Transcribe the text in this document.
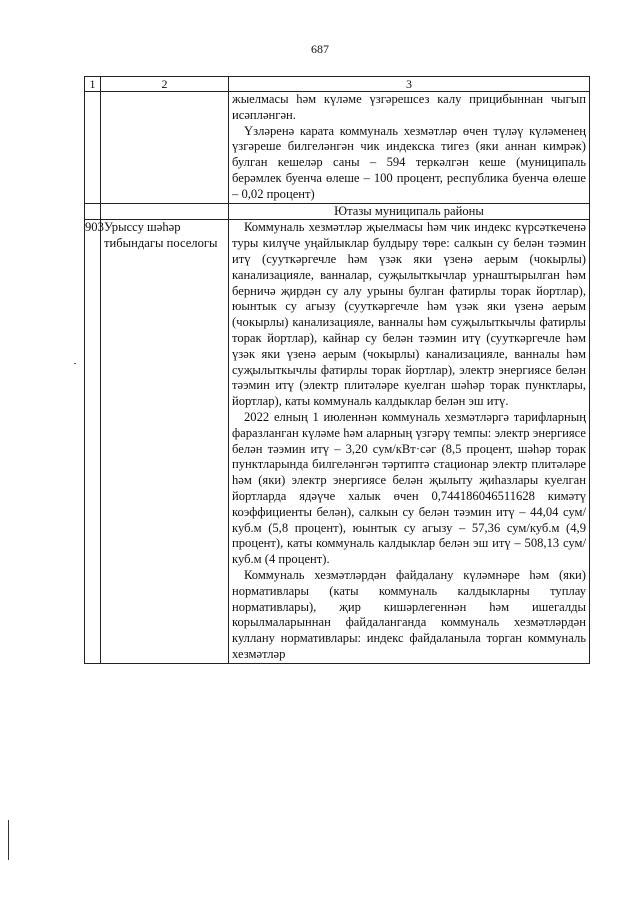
687
1	2	3

		жыелмасы һәм күләме үзгәрешсез калу прицибыннан чыгып исәпләнгән.

Үзләренә карата коммуналь хезмәтләр өчен түләү күләменең үзгәреше билгеләнгән чик индекска тигез (яки аннан кимрәк) булган кешеләр саны – 594 теркәлгән кеше (муниципаль берәмлек буенча өлеше – 100 процент, республика буенча өлеше – 0,02 процент)

		Ютазы муниципаль районы
903	Урыссу шәһәр тибындагы поселогы	Коммуналь хезмәтләр җыелмасы һәм чик индекс күрсәткеченә туры килүче уңайлыклар булдыру төре: салкын су белән тәэмин итү (сууткәргечле һәм үзәк яки үзенә аерым (чокырлы) канализацияле, ванналар, суҗылыткычлар урнаштырылган һәм берничә җирдән су алу урыны булган фатирлы торак йортлар), юынтык су агызу (сууткәргечле һәм үзәк яки үзенә аерым (чокырлы) канализацияле, ванналы һәм суҗылыткычлы фатирлы торак йортлар), кайнар су белән тәэмин итү (сууткәргечле һәм үзәк яки үзенә аерым (чокырлы) канализацияле, ванналы һәм суҗылыткычлы фатирлы торак йортлар), электр энергиясе белән тәэмин итү (электр плитәләре куелган шәһәр торак пунктлары, йортлар), каты коммуналь калдыклар белән эш итү.

2022 елның 1 июленнән коммуналь хезмәтләргә тарифларның фаразланган күләме һәм аларның үзгәрү темпы: электр энергиясе белән тәэмин итү – 3,20 сум/кВт·сәг (8,5 процент, шәһәр торак пунктларында билгеләнгән тәртиптә стационар электр плитәләре һәм (яки) электр энергиясе белән җылыту җиһазлары куелган йортларда ядәүче халык өчен 0,744186046511628 кимәтү коэффициенты белән), салкын су белән тәэмин итү – 44,04 сум/куб.м (5,8 процент), юынтык су агызу – 57,36 сум/куб.м (4,9 процент), каты коммуналь калдыклар белән эш итү – 508,13 сум/куб.м (4 процент).

Коммуналь хезмәтләрдән файдалану күләмнәре һәм (яки) нормативлары (каты коммуналь калдыкларны туплау нормативлары), җир кишәрлегеннән һәм ишегалды корылмаларыннан файдаланганда коммуналь хезмәтләрдән куллану нормативлары: индекс файдаланыла торган коммуналь хезмәтләр
